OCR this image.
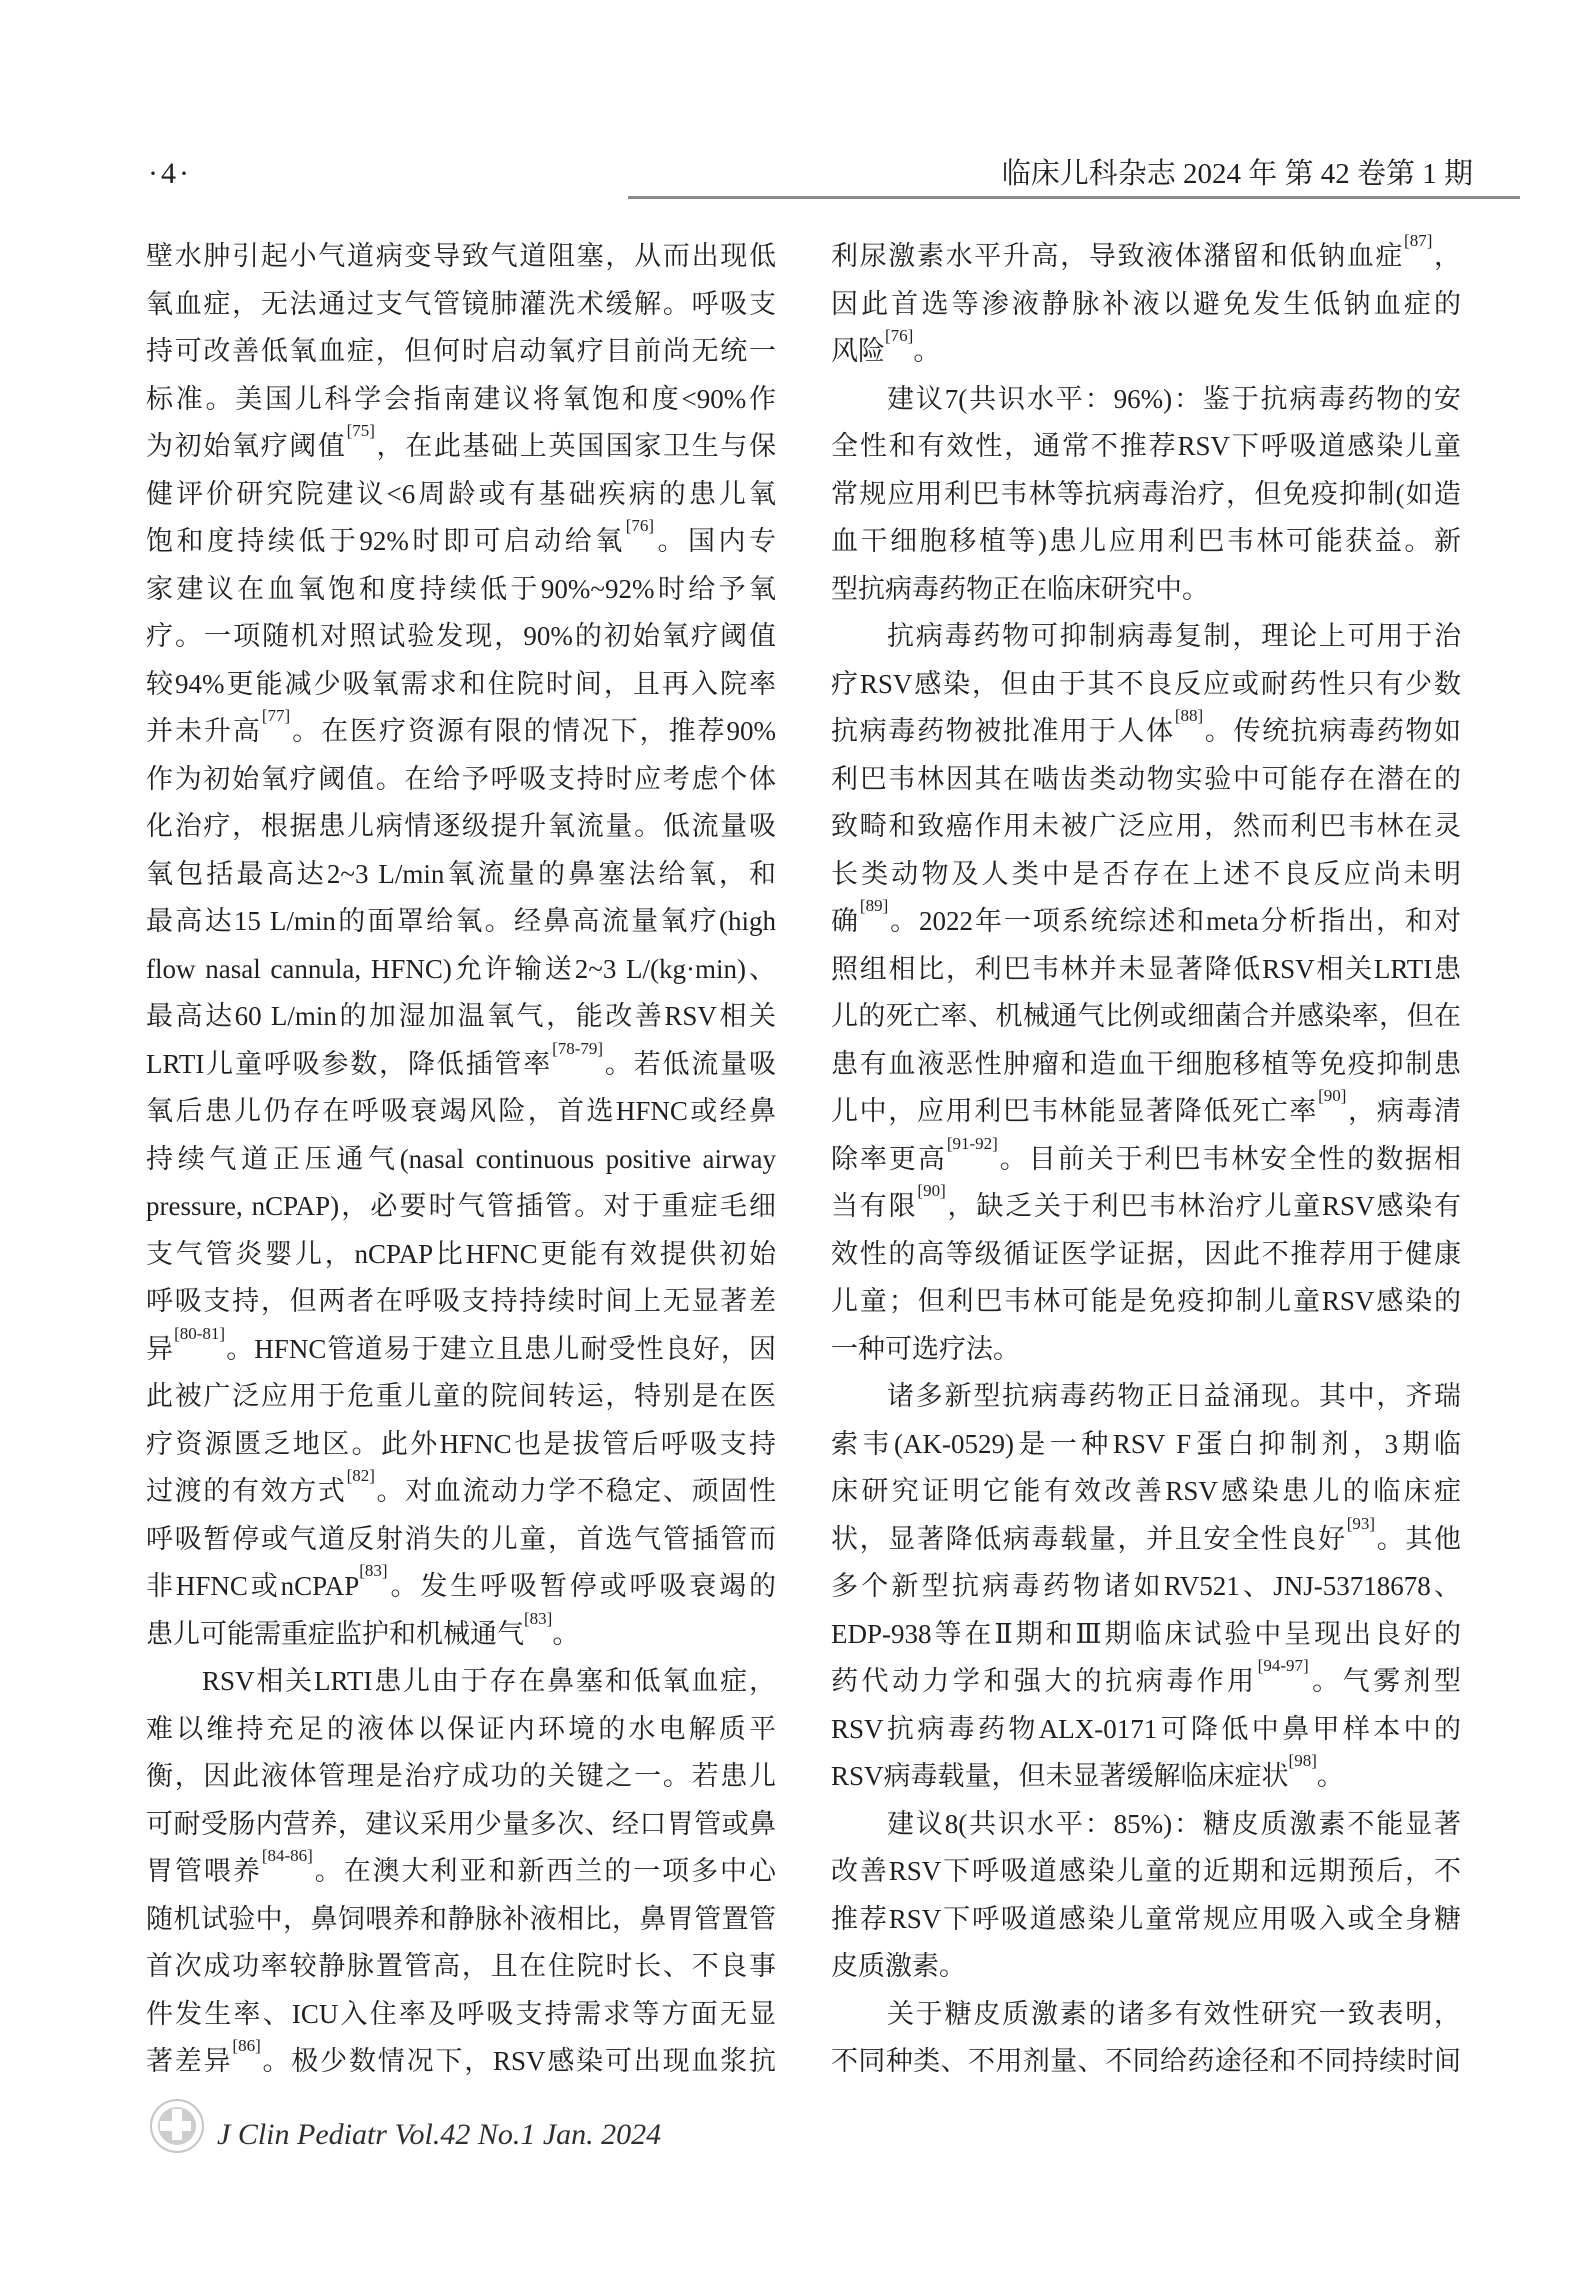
·4·	临床儿科杂志 2024 年 第 42 卷第 1 期
壁水肿引起小气道病变导致气道阻塞，从而出现低
氧血症，无法通过支气管镜肺灌洗术缓解。呼吸支
持可改善低氧血症，但何时启动氧疗目前尚无统一
标准。美国儿科学会指南建议将氧饱和度<90%作
为初始氧疗阈值[75]，在此基础上英国国家卫生与保
健评价研究院建议<6周龄或有基础疾病的患儿氧
饱和度持续低于92%时即可启动给氧[76]。国内专
家建议在血氧饱和度持续低于90%~92%时给予氧
疗。一项随机对照试验发现，90%的初始氧疗阈值
较94%更能减少吸氧需求和住院时间，且再入院率
并未升高[77]。在医疗资源有限的情况下，推荐90%
作为初始氧疗阈值。在给予呼吸支持时应考虑个体
化治疗，根据患儿病情逐级提升氧流量。低流量吸
氧包括最高达2~3 L/min氧流量的鼻塞法给氧，和
最高达15 L/min的面罩给氧。经鼻高流量氧疗(high
flow nasal cannula, HFNC)允许输送2~3 L/(kg·min)、
最高达60 L/min的加湿加温氧气，能改善RSV相关
LRTI儿童呼吸参数，降低插管率[78-79]。若低流量吸
氧后患儿仍存在呼吸衰竭风险，首选HFNC或经鼻
持续气道正压通气(nasal continuous positive airway
pressure, nCPAP)，必要时气管插管。对于重症毛细
支气管炎婴儿，nCPAP比HFNC更能有效提供初始
呼吸支持，但两者在呼吸支持持续时间上无显著差
异[80-81]。HFNC管道易于建立且患儿耐受性良好，因
此被广泛应用于危重儿童的院间转运，特别是在医
疗资源匮乏地区。此外HFNC也是拔管后呼吸支持
过渡的有效方式[82]。对血流动力学不稳定、顽固性
呼吸暂停或气道反射消失的儿童，首选气管插管而
非HFNC或nCPAP[83]。发生呼吸暂停或呼吸衰竭的
患儿可能需重症监护和机械通气[83]。
RSV相关LRTI患儿由于存在鼻塞和低氧血症，
难以维持充足的液体以保证内环境的水电解质平
衡，因此液体管理是治疗成功的关键之一。若患儿
可耐受肠内营养，建议采用少量多次、经口胃管或鼻
胃管喂养[84-86]。在澳大利亚和新西兰的一项多中心
随机试验中，鼻饲喂养和静脉补液相比，鼻胃管置管
首次成功率较静脉置管高，且在住院时长、不良事
件发生率、ICU入住率及呼吸支持需求等方面无显
著差异[86]。极少数情况下，RSV感染可出现血浆抗
利尿激素水平升高，导致液体潴留和低钠血症[87]，
因此首选等渗液静脉补液以避免发生低钠血症的
风险[76]。
建议7(共识水平：96%)：鉴于抗病毒药物的安
全性和有效性，通常不推荐RSV下呼吸道感染儿童
常规应用利巴韦林等抗病毒治疗，但免疫抑制(如造
血干细胞移植等)患儿应用利巴韦林可能获益。新
型抗病毒药物正在临床研究中。
抗病毒药物可抑制病毒复制，理论上可用于治
疗RSV感染，但由于其不良反应或耐药性只有少数
抗病毒药物被批准用于人体[88]。传统抗病毒药物如
利巴韦林因其在啮齿类动物实验中可能存在潜在的
致畸和致癌作用未被广泛应用，然而利巴韦林在灵
长类动物及人类中是否存在上述不良反应尚未明
确[89]。2022年一项系统综述和meta分析指出，和对
照组相比，利巴韦林并未显著降低RSV相关LRTI患
儿的死亡率、机械通气比例或细菌合并感染率，但在
患有血液恶性肿瘤和造血干细胞移植等免疫抑制患
儿中，应用利巴韦林能显著降低死亡率[90]，病毒清
除率更高[91-92]。目前关于利巴韦林安全性的数据相
当有限[90]，缺乏关于利巴韦林治疗儿童RSV感染有
效性的高等级循证医学证据，因此不推荐用于健康
儿童；但利巴韦林可能是免疫抑制儿童RSV感染的
一种可选疗法。
诸多新型抗病毒药物正日益涌现。其中，齐瑞
索韦(AK-0529)是一种RSV F蛋白抑制剂，3期临
床研究证明它能有效改善RSV感染患儿的临床症
状，显著降低病毒载量，并且安全性良好[93]。其他
多个新型抗病毒药物诸如RV521、JNJ-53718678、
EDP-938等在Ⅱ期和Ⅲ期临床试验中呈现出良好的
药代动力学和强大的抗病毒作用[94-97]。气雾剂型
RSV抗病毒药物ALX-0171可降低中鼻甲样本中的
RSV病毒载量，但未显著缓解临床症状[98]。
建议8(共识水平：85%)：糖皮质激素不能显著
改善RSV下呼吸道感染儿童的近期和远期预后，不
推荐RSV下呼吸道感染儿童常规应用吸入或全身糖
皮质激素。
关于糖皮质激素的诸多有效性研究一致表明，
不同种类、不用剂量、不同给药途径和不同持续时间
J Clin Pediatr Vol.42 No.1 Jan. 2024
